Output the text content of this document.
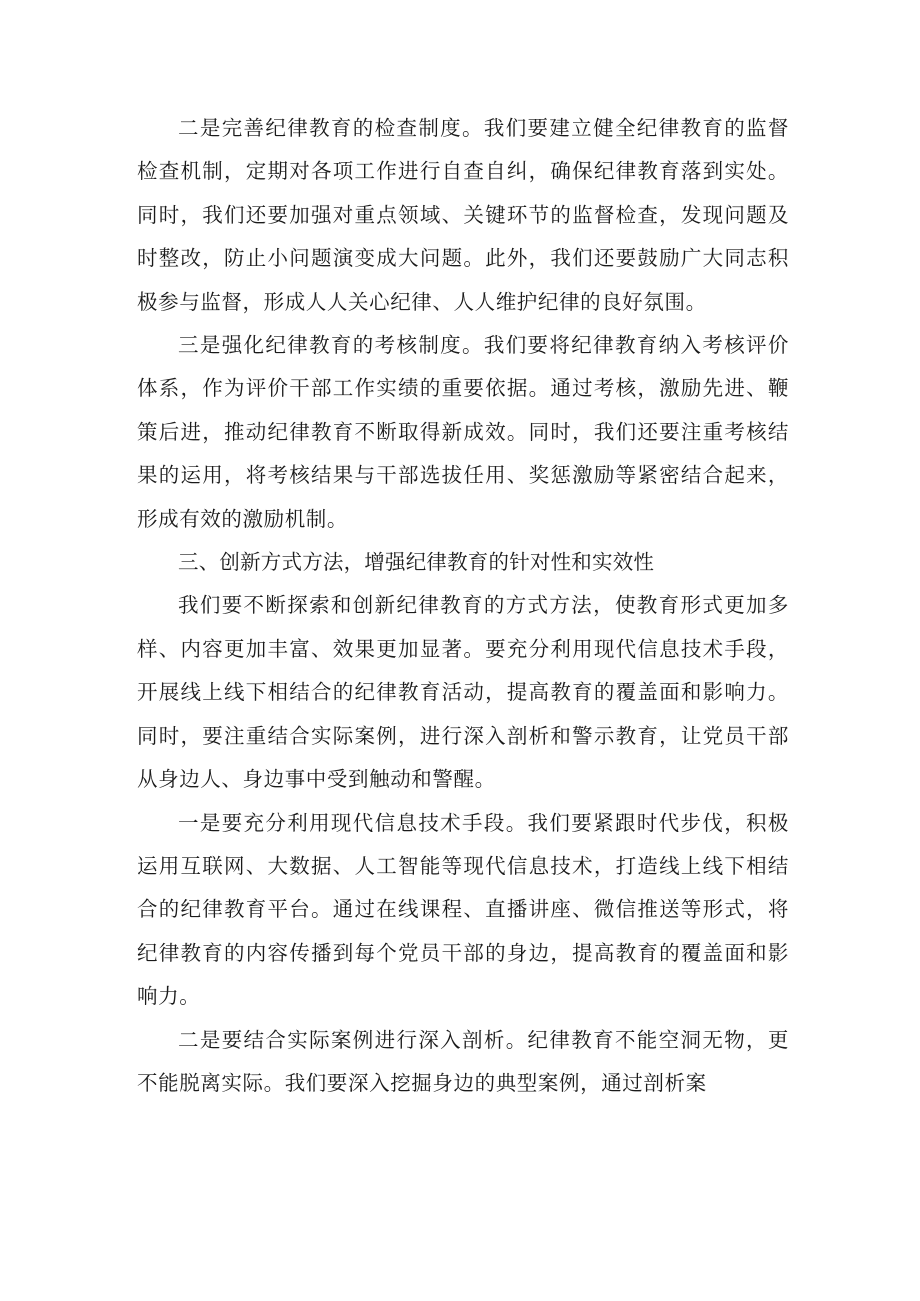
二是完善纪律教育的检查制度。我们要建立健全纪律教育的监督检查机制，定期对各项工作进行自查自纠，确保纪律教育落到实处。同时，我们还要加强对重点领域、关键环节的监督检查，发现问题及时整改，防止小问题演变成大问题。此外，我们还要鼓励广大同志积极参与监督，形成人人关心纪律、人人维护纪律的良好氛围。

三是强化纪律教育的考核制度。我们要将纪律教育纳入考核评价体系，作为评价干部工作实绩的重要依据。通过考核，激励先进、鞭策后进，推动纪律教育不断取得新成效。同时，我们还要注重考核结果的运用，将考核结果与干部选拔任用、奖惩激励等紧密结合起来，形成有效的激励机制。

三、创新方式方法，增强纪律教育的针对性和实效性

我们要不断探索和创新纪律教育的方式方法，使教育形式更加多样、内容更加丰富、效果更加显著。要充分利用现代信息技术手段，开展线上线下相结合的纪律教育活动，提高教育的覆盖面和影响力。同时，要注重结合实际案例，进行深入剖析和警示教育，让党员干部从身边人、身边事中受到触动和警醒。

一是要充分利用现代信息技术手段。我们要紧跟时代步伐，积极运用互联网、大数据、人工智能等现代信息技术，打造线上线下相结合的纪律教育平台。通过在线课程、直播讲座、微信推送等形式，将纪律教育的内容传播到每个党员干部的身边，提高教育的覆盖面和影响力。

二是要结合实际案例进行深入剖析。纪律教育不能空洞无物，更不能脱离实际。我们要深入挖掘身边的典型案例，通过剖析案
